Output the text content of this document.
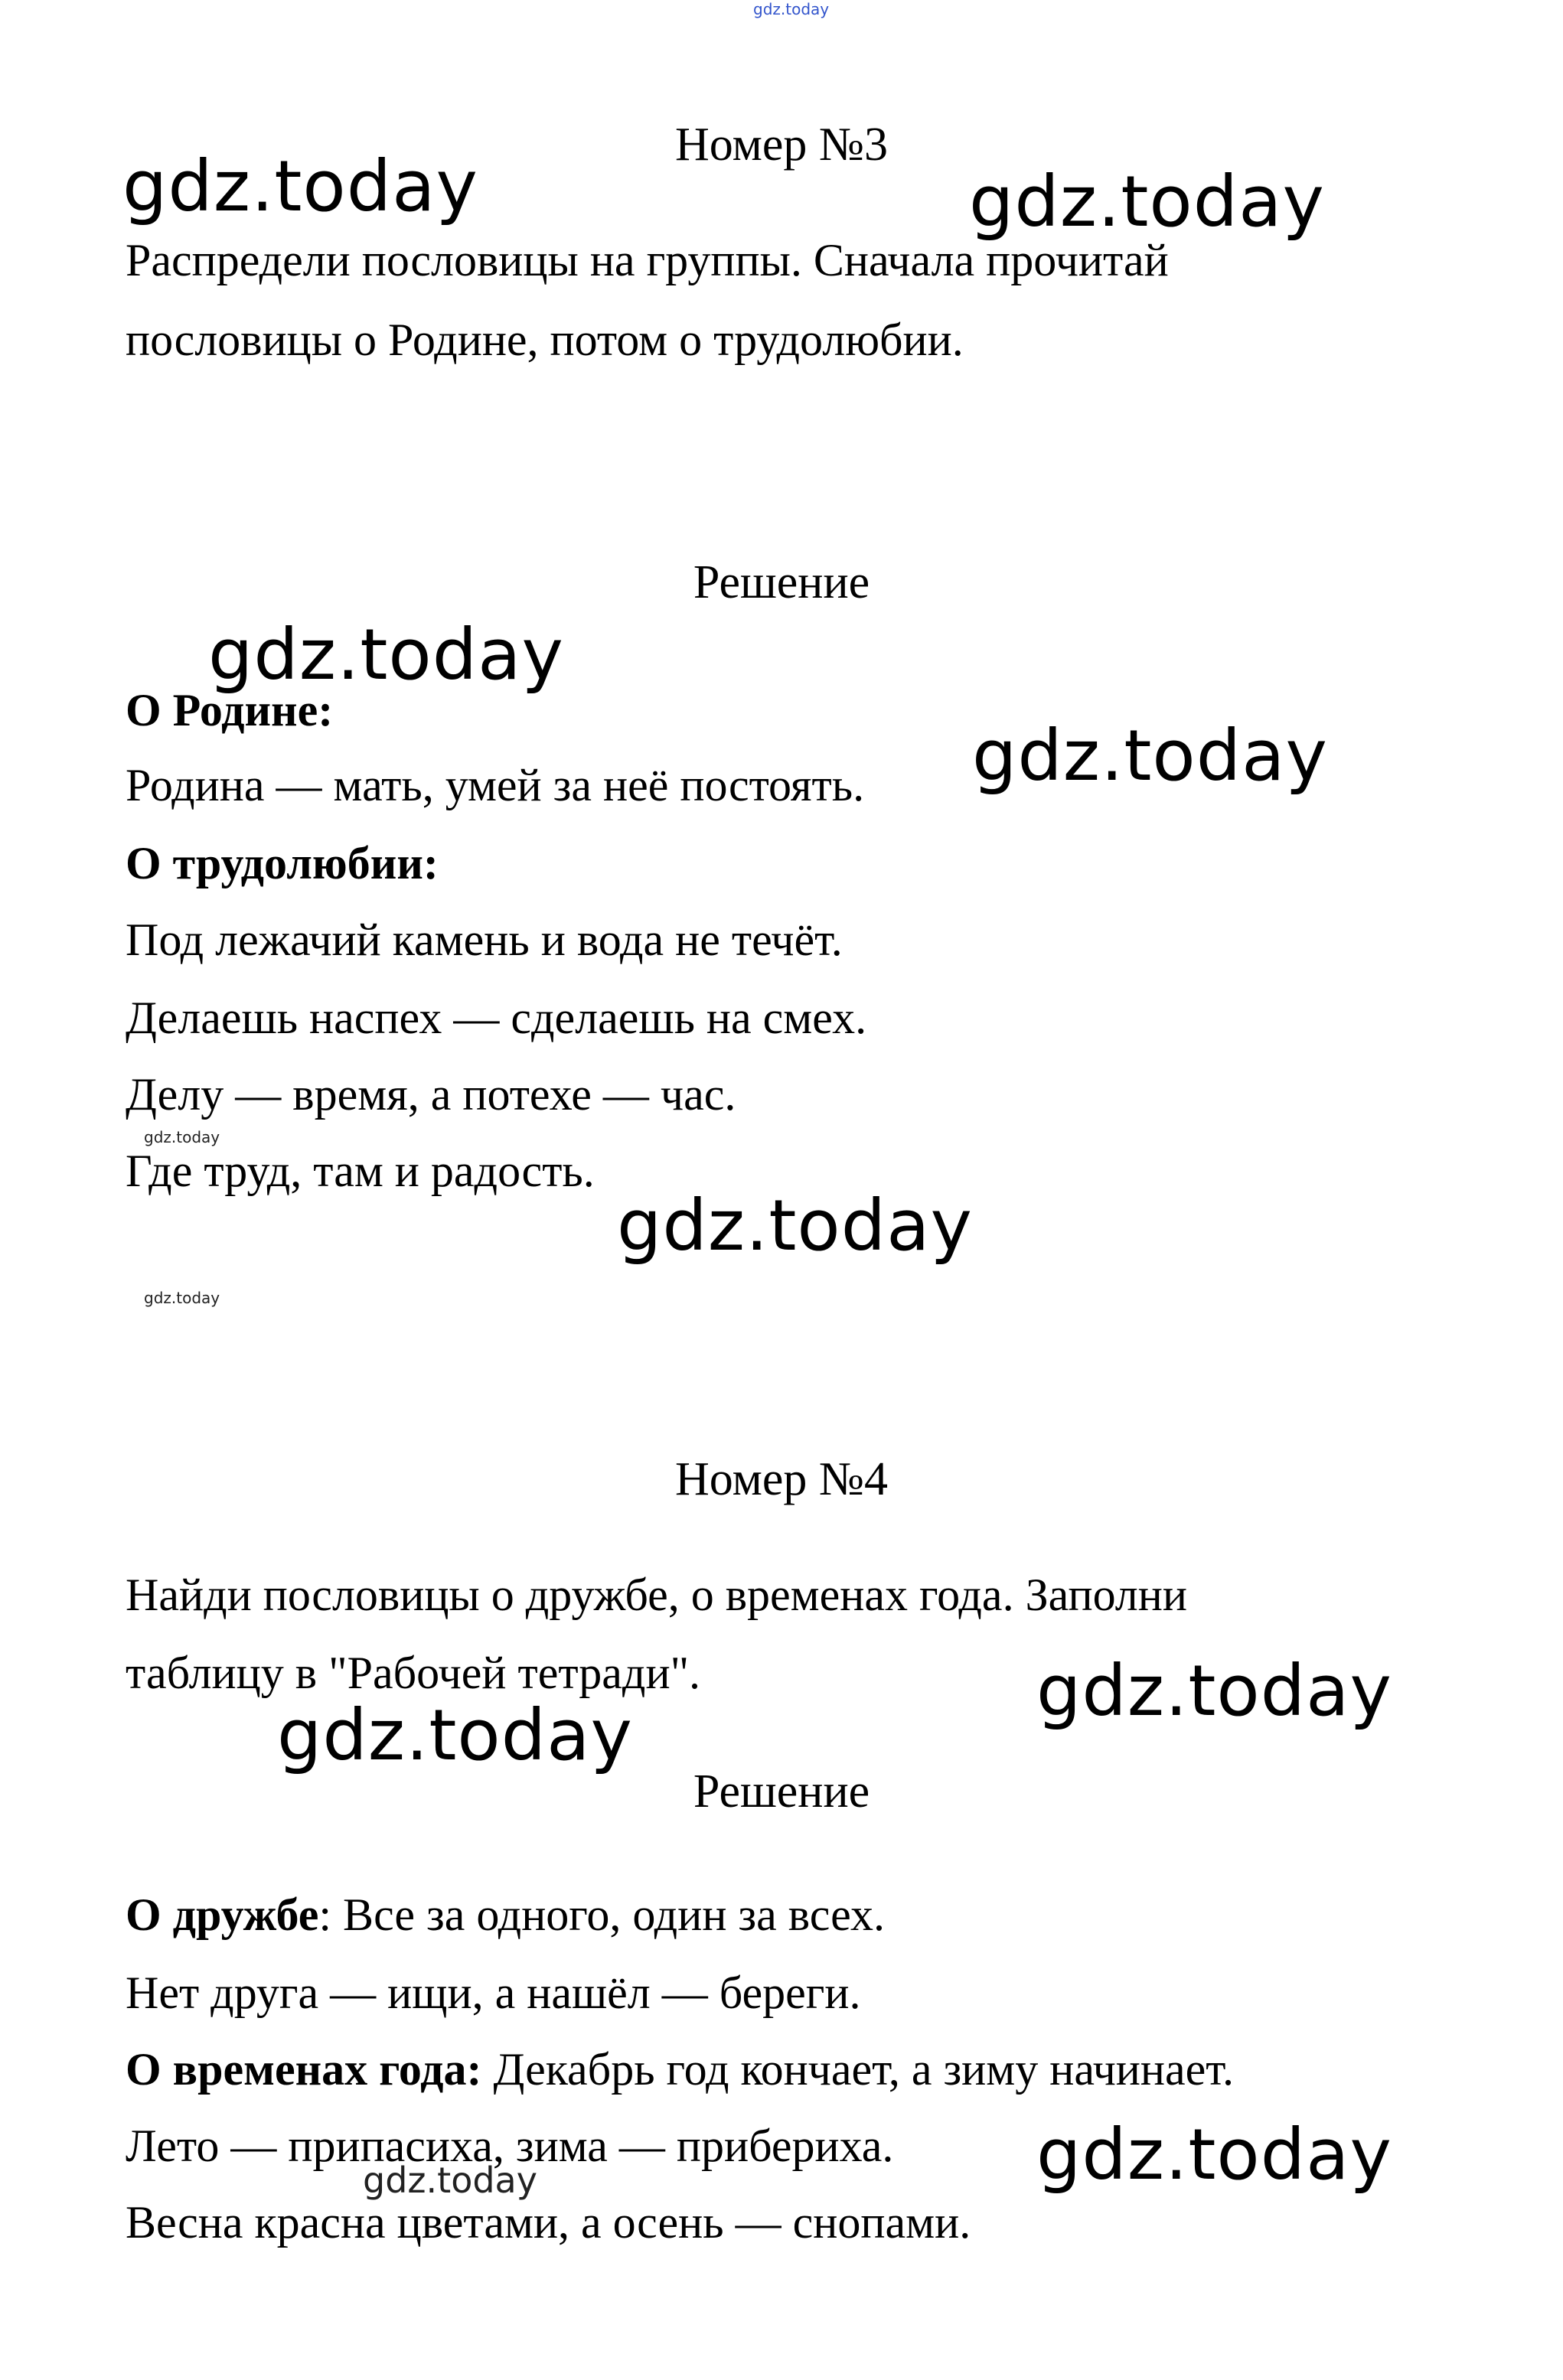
Номер №3
Распредели пословицы на группы. Сначала прочитай
пословицы о Родине, потом о трудолюбии.
Решение
О Родине:
Родина — мать, умей за неё постоять.
О трудолюбии:
Под лежачий камень и вода не течёт.
Делаешь наспех — сделаешь на смех.
Делу — время, а потехе — час.
Где труд, там и радость.
Номер №4
Найди пословицы о дружбе, о временах года. Заполни
таблицу в "Рабочей тетради".
Решение
О дружбе: Все за одного, один за всех.
Нет друга — ищи, а нашёл — береги.
О временах года: Декабрь год кончает, а зиму начинает.
Лето — припасиха, зима — прибериха.
Весна красна цветами, а осень — снопами.
gdz.today
gdz.today	gdz.today
gdz.today
gdz.today
gdz.today
gdz.today
gdz.today
gdz.today
gdz.today
gdz.today
gdz.today
